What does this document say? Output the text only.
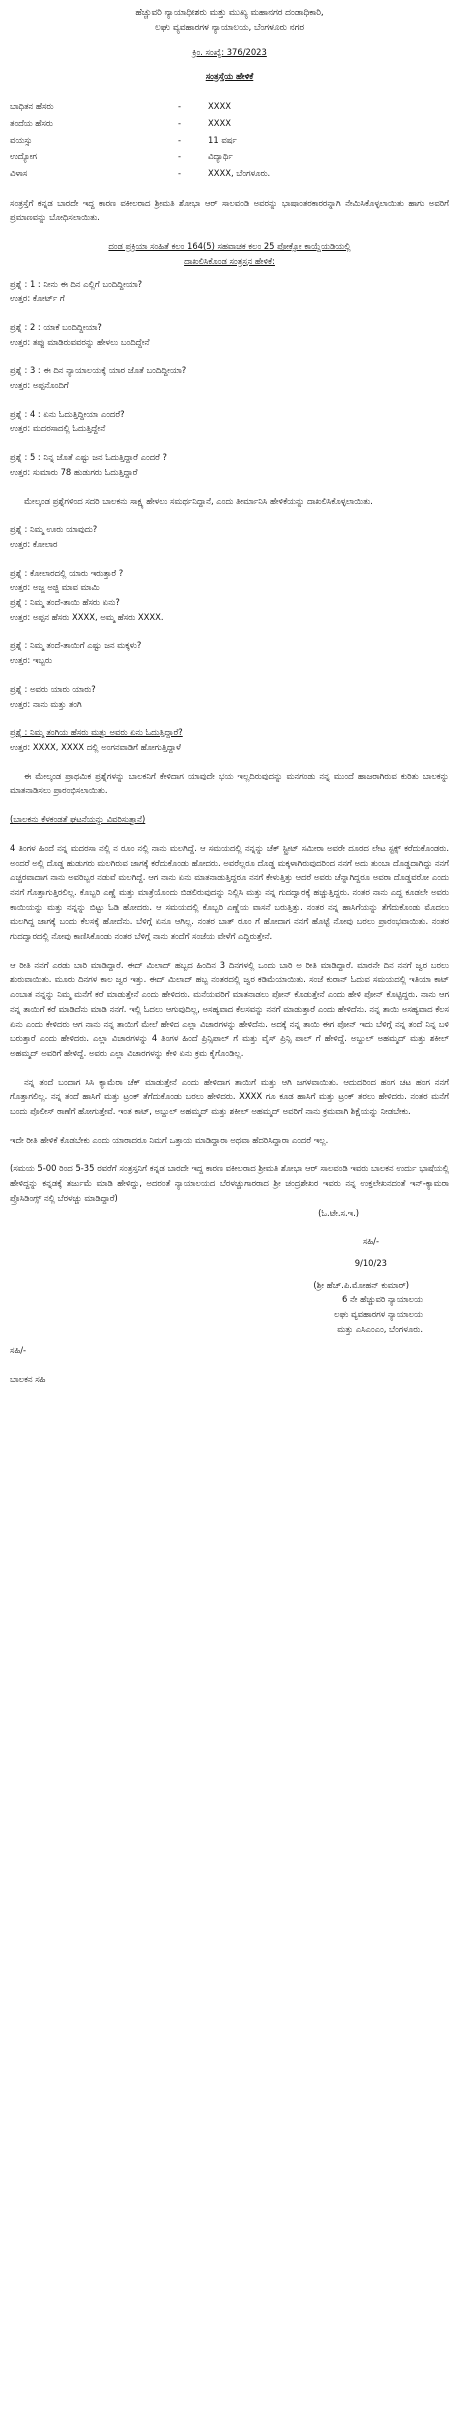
ಹೆಚ್ಚುವರಿ ನ್ಯಾಯಾಧೀಶರು ಮತ್ತು ಮುಖ್ಯ ಮಹಾನಗರ ದಂಡಾಧಿಕಾರಿ,

ಲಘು ವ್ಯವಹಾರಗಳ ನ್ಯಾಯಾಲಯ, ಬೆಂಗಳೂರು ನಗರ

ಕ್ರಿಂ. ಸಂಖ್ಯೆ: 376/2023

ಸಂತ್ರಸ್ತೆಯ ಹೇಳಿಕೆ

ಬಾಧಿತನ ಹೆಸರು	-	XXXX
ತಂದೆಯ ಹೆಸರು	-	XXXX
ವಯಸ್ಸು	-	11 ವರ್ಷ
ಉದ್ಯೋಗ	-	ವಿದ್ಯಾರ್ಥಿ
ವಿಳಾಸ	-	XXXX, ಬೆಂಗಳೂರು.

ಸಂತ್ರಸ್ತೆಗೆ ಕನ್ನಡ ಬಾರದೇ ಇದ್ದ ಕಾರಣ ವಕೀಲರಾದ ಶ್ರೀಮತಿ ಶೋಭಾ ಆರ್ ಸಾಲವಂಡಿ ಅವರನ್ನು ಭಾಷಾಂತರಕಾರರನ್ನಾಗಿ ನೇಮಿಸಿಕೊಳ್ಳಲಾಯಿತು ಹಾಗು ಅವರಿಗೆ ಪ್ರಮಾಣವನ್ನು ಬೋಧಿಸಲಾಯಿತು.

ದಂಡ ಪ್ರಕ್ರಿಯಾ ಸಂಹಿತೆ ಕಲಂ 164(5) ಸಹವಾಚಕ ಕಲಂ 25 ಪೋಕ್ಸೋ ಕಾಯ್ದೆಯಡಿಯಲ್ಲಿ

ದಾಖಲಿಸಿಕೊಂಡ ಸಂತ್ರಸ್ತನ ಹೇಳಿಕೆ:

ಪ್ರಶ್ನೆ : 1 : ನೀನು ಈ ದಿನ ಎಲ್ಲಿಗೆ ಬಂದಿದ್ದೀಯಾ?

ಉತ್ತರ: ಕೋರ್ಟ್ ಗೆ

ಪ್ರಶ್ನೆ : 2 : ಯಾಕೆ ಬಂದಿದ್ದೀಯಾ?

ಉತ್ತರ: ತಪ್ಪು ಮಾಡಿರುವವರನ್ನು ಹೇಳಲು ಬಂದಿದ್ದೇನೆ

ಪ್ರಶ್ನೆ : 3 : ಈ ದಿನ ನ್ಯಾಯಾಲಯಕ್ಕೆ ಯಾರ ಜೊತೆ ಬಂದಿದ್ದೀಯಾ?

ಉತ್ತರ: ಅಪ್ಪನೊಂದಿಗೆ

ಪ್ರಶ್ನೆ : 4 : ಏನು ಓದುತ್ತಿದ್ದೀಯಾ ಎಂದರೆ?

ಉತ್ತರ: ಮದರಸಾದಲ್ಲಿ ಓದುತ್ತಿದ್ದೇನೆ

ಪ್ರಶ್ನೆ : 5 : ನಿನ್ನ ಜೊತೆ ಎಷ್ಟು ಜನ ಓದುತ್ತಿದ್ದಾರೆ ಎಂದರೆ ?

ಉತ್ತರ: ಸುಮಾರು 78 ಹುಡುಗರು ಓದುತ್ತಿದ್ದಾರೆ

ಮೇಲ್ಕಂಡ ಪ್ರಶ್ನೆಗಳಿಂದ ಸದರಿ ಬಾಲಕನು ಸಾಕ್ಷ್ಯ ಹೇಳಲು ಸಮರ್ಥನಿದ್ದಾನೆ, ಎಂದು ತೀರ್ಮಾನಿಸಿ ಹೇಳಿಕೆಯನ್ನು ದಾಖಲಿಸಿಕೊಳ್ಳಲಾಯಿತು.

ಪ್ರಶ್ನೆ : ನಿಮ್ಮ ಊರು ಯಾವುದು?

ಉತ್ತರ: ಕೋಲಾರ

ಪ್ರಶ್ನೆ : ಕೋಲಾರದಲ್ಲಿ ಯಾರು ಇರುತ್ತಾರೆ ?

ಉತ್ತರ: ಅಜ್ಜ ಅಜ್ಜಿ ಮಾವ ಮಾಮಿ

ಪ್ರಶ್ನೆ : ನಿಮ್ಮ ತಂದೆ-ತಾಯಿ ಹೆಸರು ಏನು?

ಉತ್ತರ: ಅಪ್ಪನ ಹೆಸರು XXXX, ಅಮ್ಮ ಹೆಸರು XXXX.

ಪ್ರಶ್ನೆ : ನಿಮ್ಮ ತಂದೆ-ತಾಯಿಗೆ ಎಷ್ಟು ಜನ ಮಕ್ಕಳು?

ಉತ್ತರ: ಇಬ್ಬರು

ಪ್ರಶ್ನೆ : ಅವರು ಯಾರು ಯಾರು?

ಉತ್ತರ: ನಾನು ಮತ್ತು ತಂಗಿ

ಪ್ರಶ್ನೆ : ನಿಮ್ಮ ತಂಗಿಯ ಹೆಸರು ಮತ್ತು ಅವರು ಏನು ಓದುತ್ತಿದ್ದಾರೆ?

ಉತ್ತರ: XXXX, XXXX ದಲ್ಲಿ ಅಂಗನವಾಡಿಗೆ ಹೋಗುತ್ತಿದ್ದಾಳೆ

ಈ ಮೇಲ್ಕಂಡ ಪ್ರಾಥಮಿಕ ಪ್ರಶ್ನೆಗಳನ್ನು ಬಾಲಕನಿಗೆ ಕೇಳಿದಾಗ ಯಾವುದೇ ಭಯ ಇಲ್ಲದಿರುವುದನ್ನು ಮನಗಂಡು ನನ್ನ ಮುಂದೆ ಹಾಜರಾಗಿರುವ ಕುರಿತು ಬಾಲಕನ್ನು ಮಾತನಾಡಿಸಲು ಪ್ರಾರಂಭಿಸಲಾಯಿತು.

(ಬಾಲಕನು ಕೆಳಕಂಡತೆ ಘಟನೆಯನ್ನು ವಿವರಿಸುತ್ತಾನೆ)

4 ತಿಂಗಳ ಹಿಂದೆ ನನ್ನ ಮದರಸಾ ನಲ್ಲಿ ನ ರೂಂ ನಲ್ಲಿ ನಾನು ಮಲಗಿದ್ದೆ. ಆ ಸಮಯದಲ್ಲಿ ನನ್ನನ್ನು ಚೆಕ್ ಸ್ಟ್ರೀಟ್ ಸಮೀರಾ ಅವರೇ ದೂರದ ಲೇಟ ಸ್ಟಕ್ಸ್ ಕರೆದುಕೊಂಡರು. ಅಂದರೆ ಅಲ್ಲಿ ದೊಡ್ಡ ಹುಡುಗರು ಮಲಗಿರುವ ಜಾಗಕ್ಕೆ ಕರೆದುಕೊಂಡು ಹೋದರು. ಅವರೆಲ್ಲರೂ ದೊಡ್ಡ ಮಕ್ಕಳಾಗಿರುವುದರಿಂದ ನನಗೆ ಅದು ತುಂಬಾ ದೊಡ್ಡದಾಗಿದ್ದು ನನಗೆ ಎಚ್ಚರವಾದಾಗ ನಾನು ಅವರಿಬ್ಬರ ನಡುವೆ ಮಲಗಿದ್ದೆ. ಆಗ ನಾನು ಏನು ಮಾತನಾಡುತ್ತಿದ್ದರೂ ನನಗೆ ಕೇಳುತ್ತಿತ್ತು ಆದರೆ ಅವರು ಚೆನ್ನಾಗಿದ್ದರೂ ಅವರಾ ದೊಡ್ಡವರೋ ಎಂದು ನನಗೆ ಗೊತ್ತಾಗುತ್ತಿರಲಿಲ್ಲ. ಕೊಬ್ಬರಿ ಎಣ್ಣೆ ಮತ್ತು ಮಾತ್ರೆಯೊಂದು ಬಿಡಲಿರುವುದನ್ನು ನಿಲ್ಲಿಸಿ ಮತ್ತು ನನ್ನ ಗುದದ್ವಾರಕ್ಕೆ ಹಚ್ಚುತ್ತಿದ್ದರು. ನಂತರ ನಾನು ಎದ್ದ ಕೂಡಲೇ ಅವರು ಕಾಯಿಯನ್ನು ಮತ್ತು ನನ್ನನ್ನು ಬಿಟ್ಟು ಓಡಿ ಹೋದರು. ಆ ಸಮಯದಲ್ಲಿ ಕೊಬ್ಬರಿ ಎಣ್ಣೆಯ ವಾಸನೆ ಬರುತ್ತಿತ್ತು. ನಂತರ ನನ್ನ ಹಾಸಿಗೆಯನ್ನು ತೆಗೆದುಕೊಂಡು ಮೊದಲು ಮಲಗಿದ್ದ ಜಾಗಕ್ಕೆ ಬಂದು ಕೆಲಸಕ್ಕೆ ಹೋದೆನು. ಬೆಳಿಗ್ಗೆ ಏನೂ ಆಗಿಲ್ಲ. ನಂತರ ಬಾತ್ ರೂಂ ಗೆ ಹೋದಾಗ ನನಗೆ ಹೊಟ್ಟೆ ನೋವು ಬರಲು ಪ್ರಾರಂಭವಾಯಿತು. ನಂತರ ಗುದದ್ವಾರದಲ್ಲಿ ನೋವು ಕಾಣಿಸಿಕೊಂಡು ನಂತರ ಬೆಳಿಗ್ಗೆ ನಾನು ತಂದೆಗೆ ಸಂಜೆಯ ವೇಳೆಗೆ ಎದ್ದಿರುತ್ತೇನೆ.

ಆ ರೀತಿ ನನಗೆ ಎರಡು ಬಾರಿ ಮಾಡಿದ್ದಾರೆ. ಈದ್ ಮಿಲಾದ್ ಹಬ್ಬದ ಹಿಂದಿನ 3 ದಿನಗಳಲ್ಲಿ ಒಂದು ಬಾರಿ ಅ ರೀತಿ ಮಾಡಿದ್ದಾರೆ. ಮಾರನೇ ದಿನ ನನಗೆ ಜ್ವರ ಬರಲು ಶುರುವಾಯಿತು. ಮೂರು ದಿನಗಳ ಕಾಲ ಜ್ವರ ಇತ್ತು. ಈದ್ ಮಿಲಾದ್ ಹಬ್ಬ ನಂತರದಲ್ಲಿ ಜ್ವರ ಕಡಿಮೆಯಾಯಿತು. ಸಂಜೆ ಕುರಾನ್ ಓದುವ ಸಮಯದಲ್ಲಿ ಇತಿಯಾ ಕಾಟ್ ಎಂಬಾತ ನನ್ನನ್ನು ನಿಮ್ಮ ಮನೆಗೆ ಕರೆ ಮಾಡುತ್ತೇನೆ ಎಂದು ಹೇಳಿದರು. ಮನೆಯವರಿಗೆ ಮಾತನಾಡಲು ಪೋನ್ ಕೊಡುತ್ತೇನೆ ಎಂದು ಹೇಳಿ ಪೋನ್ ಕೊಟ್ಟಿದ್ದರು. ನಾನು ಆಗ ನನ್ನ ತಾಯಿಗೆ ಕರೆ ಮಾಡಿದೆನು ಮಾಡಿ ನನಗೆ. ಇಲ್ಲಿ ಓದಲು ಆಗುವುದಿಲ್ಲ, ಅಸಹ್ಯವಾದ ಕೆಲಸವನ್ನು ನನಗೆ ಮಾಡುತ್ತಾರೆ ಎಂದು ಹೇಳಿದೆನು. ನನ್ನ ತಾಯಿ ಅಸಹ್ಯವಾದ ಕೆಲಸ ಏನು ಎಂದು ಕೇಳಿದರು ಆಗ ನಾನು ನನ್ನ ತಾಯಿಗೆ ಮೇಲೆ ಹೇಳಿದ ಎಲ್ಲಾ ವಿಚಾರಗಳನ್ನು ಹೇಳಿದೆನು. ಅದಕ್ಕೆ ನನ್ನ ತಾಯಿ ಈಗ ಪೋನ್ ಇದು ಬೆಳಿಗ್ಗೆ ನನ್ನ ತಂದೆ ನಿನ್ನ ಬಳಿ ಬರುತ್ತಾರೆ ಎಂದು ಹೇಳಿದರು. ಎಲ್ಲಾ ವಿಚಾರಗಳನ್ನು 4 ತಿಂಗಳ ಹಿಂದೆ ಪ್ರಿನ್ಸಿಪಾಲ್ ಗೆ ಮತ್ತು ವೈಸ್ ಪ್ರಿನ್ಸಿ ಪಾಲ್ ಗೆ ಹೇಳಿದ್ದೆ. ಅಬ್ದುಲ್ ಅಹಮ್ಮದ್ ಮತ್ತು ಶಕೀಲ್ ಅಹಮ್ಮದ್ ಅವರಿಗೆ ಹೇಳಿದ್ದೆ. ಅವರು ಎಲ್ಲಾ ವಿಚಾರಗಳನ್ನು ಕೇಳಿ ಏನು ಕ್ರಮ ಕೈಗೊಂಡಿಲ್ಲ.

ನನ್ನ ತಂದೆ ಬಂದಾಗ ಸಿಸಿ ಕ್ಯಾಮೆರಾ ಚೆಕ್ ಮಾಡುತ್ತೇನೆ ಎಂದು ಹೇಳಿದಾಗ ತಾಯಿಗೆ ಮತ್ತು ಆಗಿ ಜಗಳವಾಯಿತು. ಆದುದರಿಂದ ಹಂಗ ಚಟ ಹಂಗ ನನಗೆ ಗೊತ್ತಾಗಲಿಲ್ಲ. ನನ್ನ ತಂದೆ ಹಾಸಿಗೆ ಮತ್ತು ಟ್ರಂಕ್ ತೆಗೆದುಕೊಂಡು ಬರಲು ಹೇಳಿದರು. XXXX ಗೂ ಕೂಡ ಹಾಸಿಗೆ ಮತ್ತು ಟ್ರಂಕ್ ತರಲು ಹೇಳಿದರು. ನಂತರ ಮನೆಗೆ ಬಂದು ಪೊಲೀಸ್ ಠಾಣೆಗೆ ಹೋಗುತ್ತೇವೆ. ಇಂತ ಕಾಟ್, ಅಬ್ದುಲ್ ಅಹಮ್ಮದ್ ಮತ್ತು ಶಕೀಲ್ ಅಹಮ್ಮದ್ ಅವರಿಗೆ ನಾನು ಕ್ರಮವಾಗಿ ಶಿಕ್ಷೆಯನ್ನು ನೀಡಬೇಕು.

ಇದೇ ರೀತಿ ಹೇಳಿಕೆ ಕೊಡಬೇಕು ಎಂದು ಯಾರಾದರೂ ನಿಮಗೆ ಒತ್ತಾಯ ಮಾಡಿದ್ದಾರಾ ಅಥವಾ ಹೆದರಿಸಿದ್ದಾರಾ ಎಂದರೆ ಇಲ್ಲ.

(ಸಮಯ 5-00 ರಿಂದ 5-35 ರವರೆಗೆ ಸಂತ್ರಸ್ತನಿಗೆ ಕನ್ನಡ ಬಾರದೇ ಇದ್ದ ಕಾರಣ ವಕೀಲರಾದ ಶ್ರೀಮತಿ ಶೋಭಾ ಆರ್ ಸಾಲವಂಡಿ ಇವರು ಬಾಲಕನ ಉರ್ದು ಭಾಷೆಯಲ್ಲಿ ಹೇಳಿದ್ದನ್ನು ಕನ್ನಡಕ್ಕೆ ತರ್ಜುಮೆ ಮಾಡಿ ಹೇಳಿದ್ದು, ಅದರಂತೆ ನ್ಯಾಯಾಲಯದ ಬೆರಳಚ್ಚುಗಾರರಾದ ಶ್ರೀ ಚಂದ್ರಶೇಖರ ಇವರು ನನ್ನ ಉಕ್ತಲೇಖನದಂತೆ ಇನ್-ಕ್ಯಾಮರಾ ಪ್ರೊಸಿಡಿಂಗ್ಸ್ ನಲ್ಲಿ ಬೆರಳಚ್ಚು ಮಾಡಿದ್ದಾರೆ)

(ಓ.ಟೇ.ಸ.ಇ.)

ಸಹಿ/-

9/10/23

(ಶ್ರೀ ಹೆಚ್.ಪಿ.ಮೋಹನ್ ಕುಮಾರ್)

6 ನೇ ಹೆಚ್ಚುವರಿ ನ್ಯಾಯಾಲಯ

ಲಘು ವ್ಯವಹಾರಗಳ ನ್ಯಾಯಾಲಯ

ಮತ್ತು ಎಸಿಎಂಎಂ, ಬೆಂಗಳೂರು.

ಸಹಿ/-

ಬಾಲಕನ ಸಹಿ
